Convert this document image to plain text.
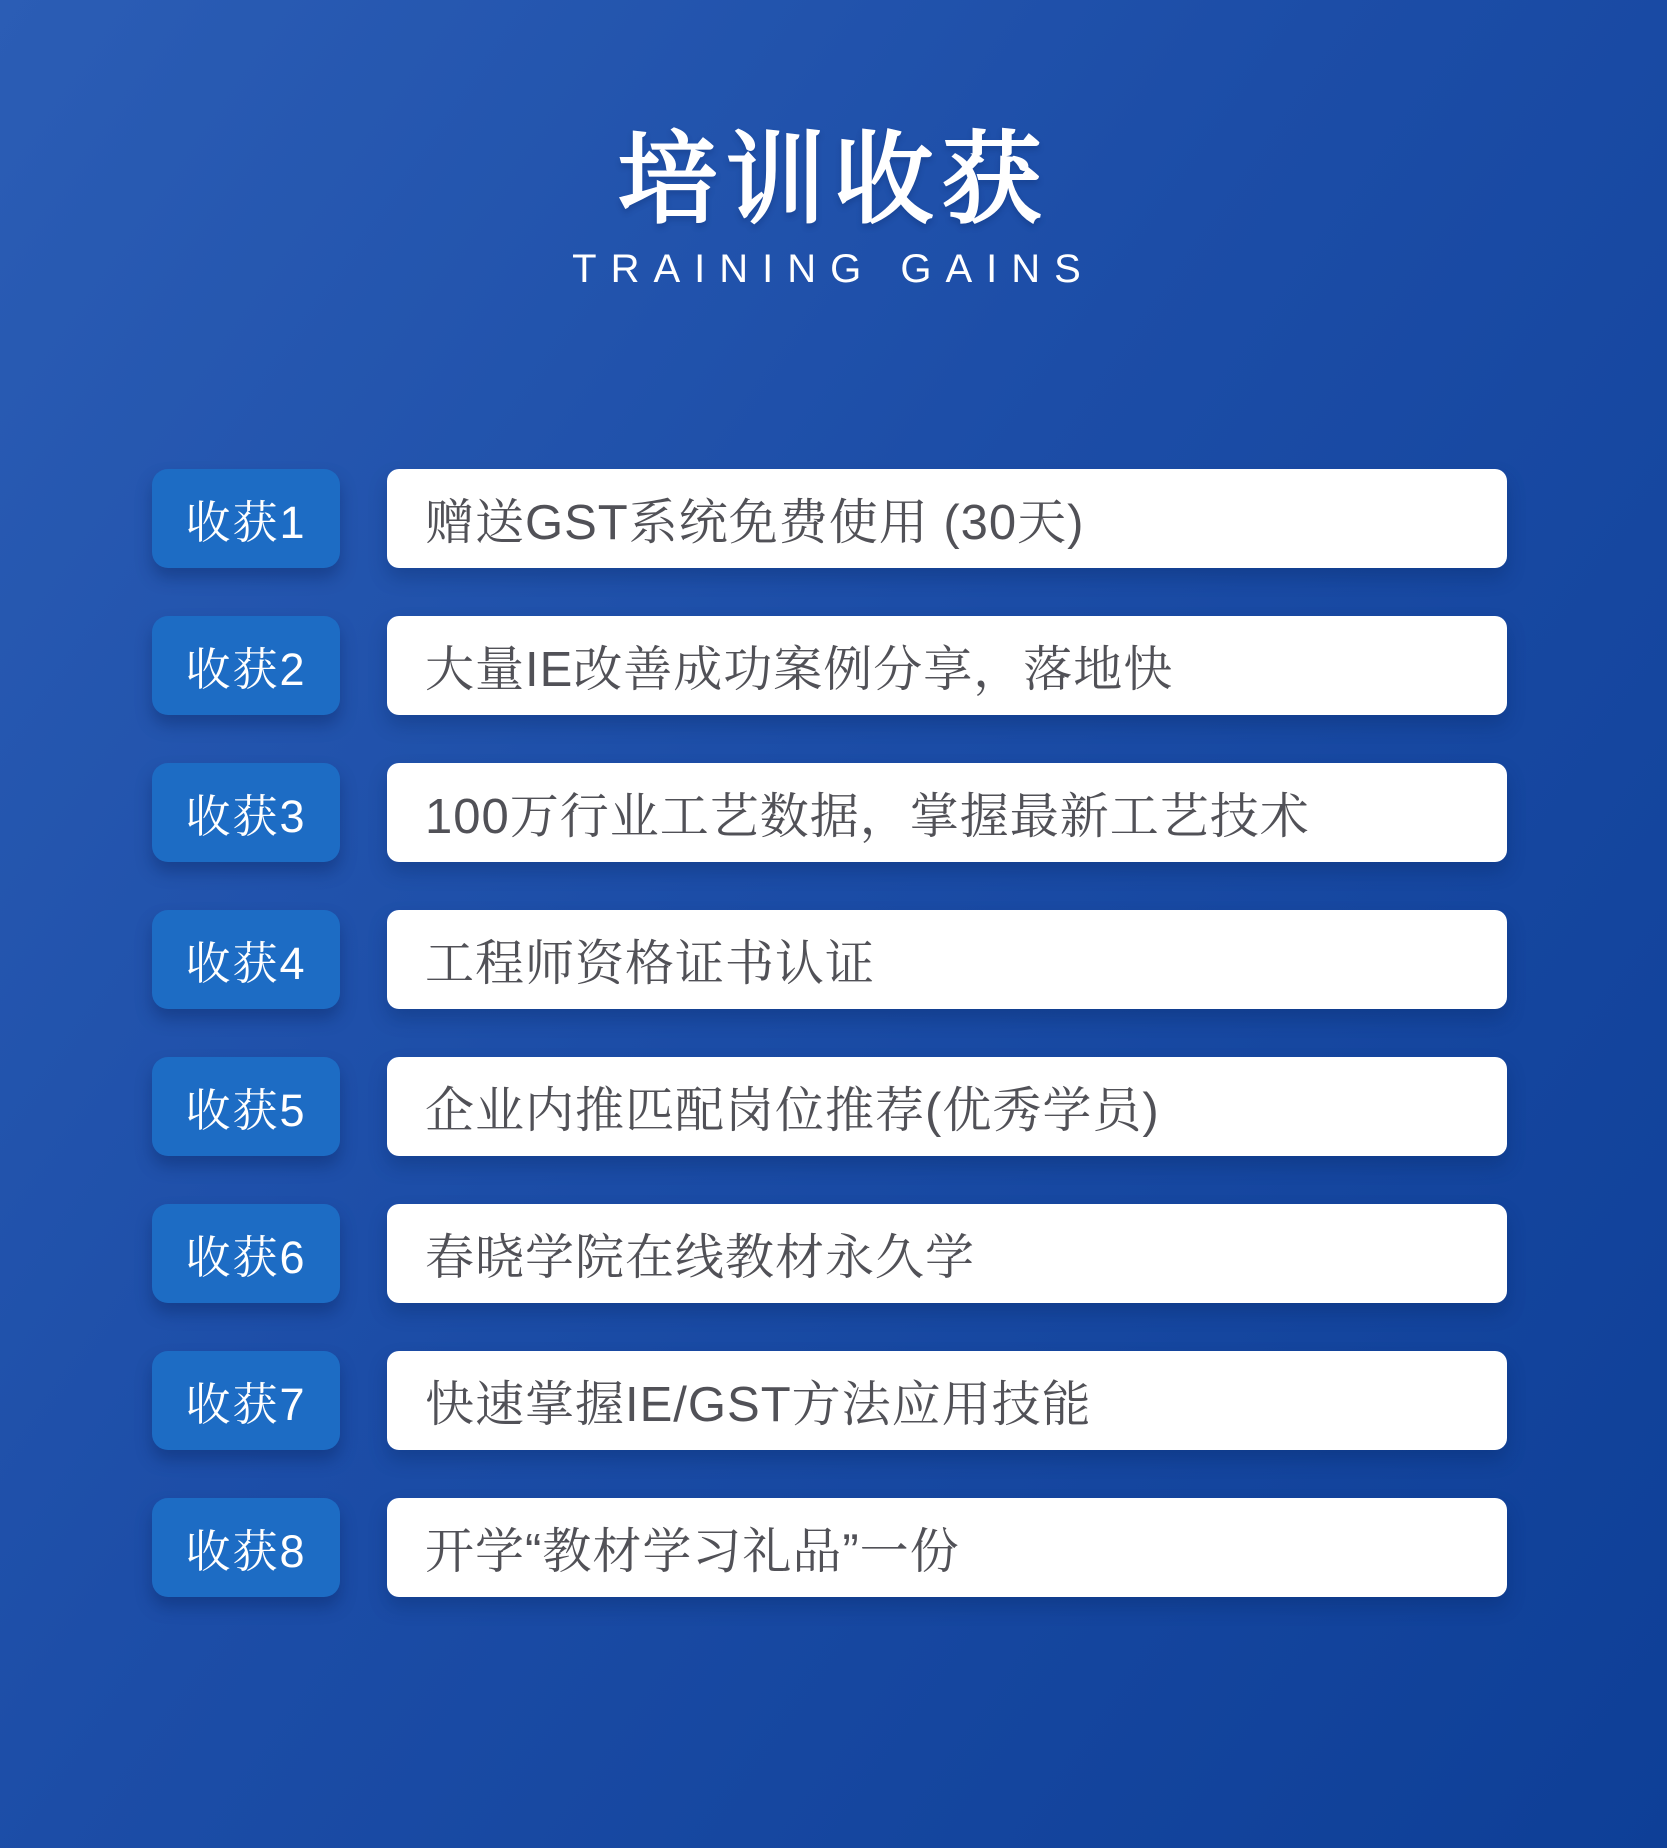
培训收获
TRAINING GAINS
收获1 赠送GST系统免费使用 (30天)
收获2 大量IE改善成功案例分享，落地快
收获3 100万行业工艺数据，掌握最新工艺技术
收获4 工程师资格证书认证
收获5 企业内推匹配岗位推荐(优秀学员)
收获6 春晓学院在线教材永久学
收获7 快速掌握IE/GST方法应用技能
收获8 开学“教材学习礼品”一份
